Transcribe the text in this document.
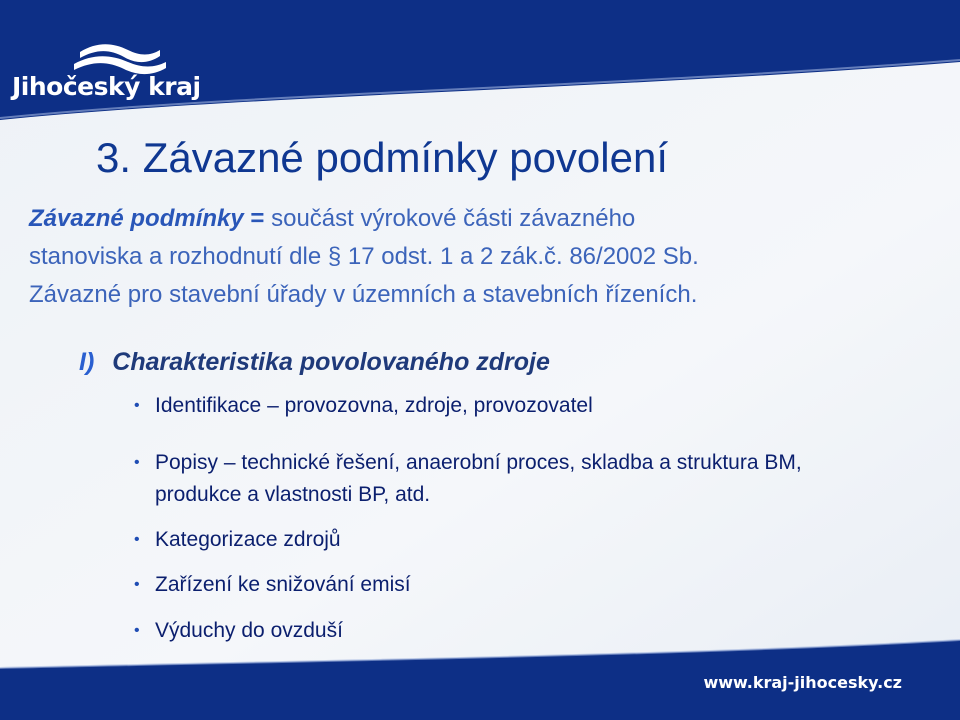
Jihočeský kraj
3. Závazné podmínky povolení

Závazné podmínky = součást výrokové části závazného
stanoviska a rozhodnutí dle § 17 odst. 1 a 2 zák.č. 86/2002 Sb.
Závazné pro stavební úřady v územních a stavebních řízeních.

I) Charakteristika povolovaného zdroje
• Identifikace – provozovna, zdroje, provozovatel
• Popisy – technické řešení, anaerobní proces, skladba a struktura BM, produkce a vlastnosti BP, atd.
• Kategorizace zdrojů
• Zařízení ke snižování emisí
• Výduchy do ovzduší
www.kraj-jihocesky.cz
